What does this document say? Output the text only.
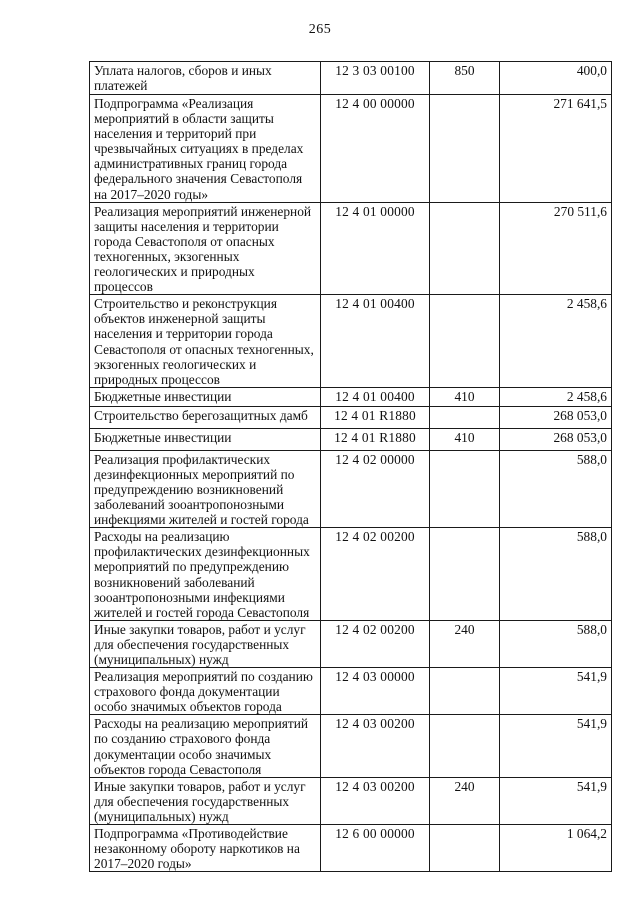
265
Уплата налогов, сборов и иных платежей	12 3 03 00100	850	400,0
Подпрограмма «Реализация мероприятий в области защиты населения и территорий при чрезвычайных ситуациях в пределах административных границ города федерального значения Севастополя на 2017–2020 годы»	12 4 00 00000		271 641,5
Реализация мероприятий инженерной защиты населения и территории города Севастополя от опасных техногенных, экзогенных геологических и природных процессов	12 4 01 00000		270 511,6
Строительство и реконструкция объектов инженерной защиты населения и территории города Севастополя от опасных техногенных, экзогенных геологических и природных процессов	12 4 01 00400		2 458,6
Бюджетные инвестиции	12 4 01 00400	410	2 458,6
Строительство берегозащитных дамб	12 4 01 R1880		268 053,0
Бюджетные инвестиции	12 4 01 R1880	410	268 053,0
Реализация профилактических дезинфекционных мероприятий по предупреждению возникновений заболеваний зооантропонозными инфекциями жителей и гостей города	12 4 02 00000		588,0
Расходы на реализацию профилактических дезинфекционных мероприятий по предупреждению возникновений заболеваний зооантропонозными инфекциями жителей и гостей города Севастополя	12 4 02 00200		588,0
Иные закупки товаров, работ и услуг для обеспечения государственных (муниципальных) нужд	12 4 02 00200	240	588,0
Реализация мероприятий по созданию страхового фонда документации особо значимых объектов города	12 4 03 00000		541,9
Расходы на реализацию мероприятий по созданию страхового фонда документации особо значимых объектов города Севастополя	12 4 03 00200		541,9
Иные закупки товаров, работ и услуг для обеспечения государственных (муниципальных) нужд	12 4 03 00200	240	541,9
Подпрограмма «Противодействие незаконному обороту наркотиков на 2017–2020 годы»	12 6 00 00000		1 064,2
